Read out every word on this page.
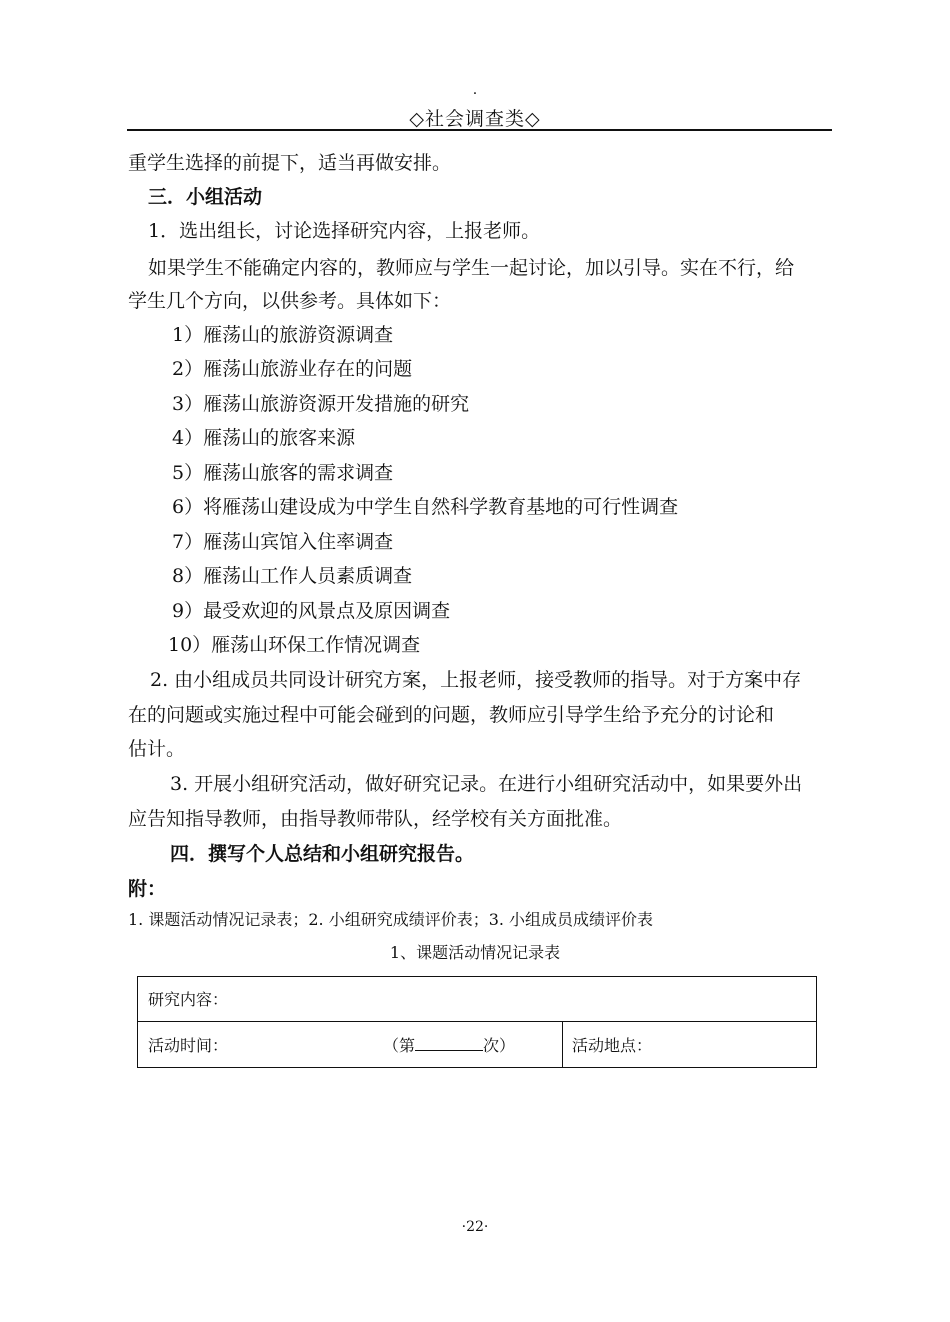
.
◇社会调查类◇
重学生选择的前提下，适当再做安排。
三．小组活动
1．选出组长，讨论选择研究内容，上报老师。
如果学生不能确定内容的，教师应与学生一起讨论，加以引导。实在不行，给
学生几个方向，以供参考。具体如下：
1）雁荡山的旅游资源调查
2）雁荡山旅游业存在的问题
3）雁荡山旅游资源开发措施的研究
4）雁荡山的旅客来源
5）雁荡山旅客的需求调查
6）将雁荡山建设成为中学生自然科学教育基地的可行性调查
7）雁荡山宾馆入住率调查
8）雁荡山工作人员素质调查
9）最受欢迎的风景点及原因调查
10）雁荡山环保工作情况调查
2. 由小组成员共同设计研究方案，上报老师，接受教师的指导。对于方案中存
在的问题或实施过程中可能会碰到的问题，教师应引导学生给予充分的讨论和
估计。
3. 开展小组研究活动，做好研究记录。在进行小组研究活动中，如果要外出
应告知指导教师，由指导教师带队，经学校有关方面批准。
四．撰写个人总结和小组研究报告。
附：
1. 课题活动情况记录表；2. 小组研究成绩评价表；3. 小组成员成绩评价表
1、课题活动情况记录表
研究内容：
活动时间：	（第	次）	活动地点：
·22·
